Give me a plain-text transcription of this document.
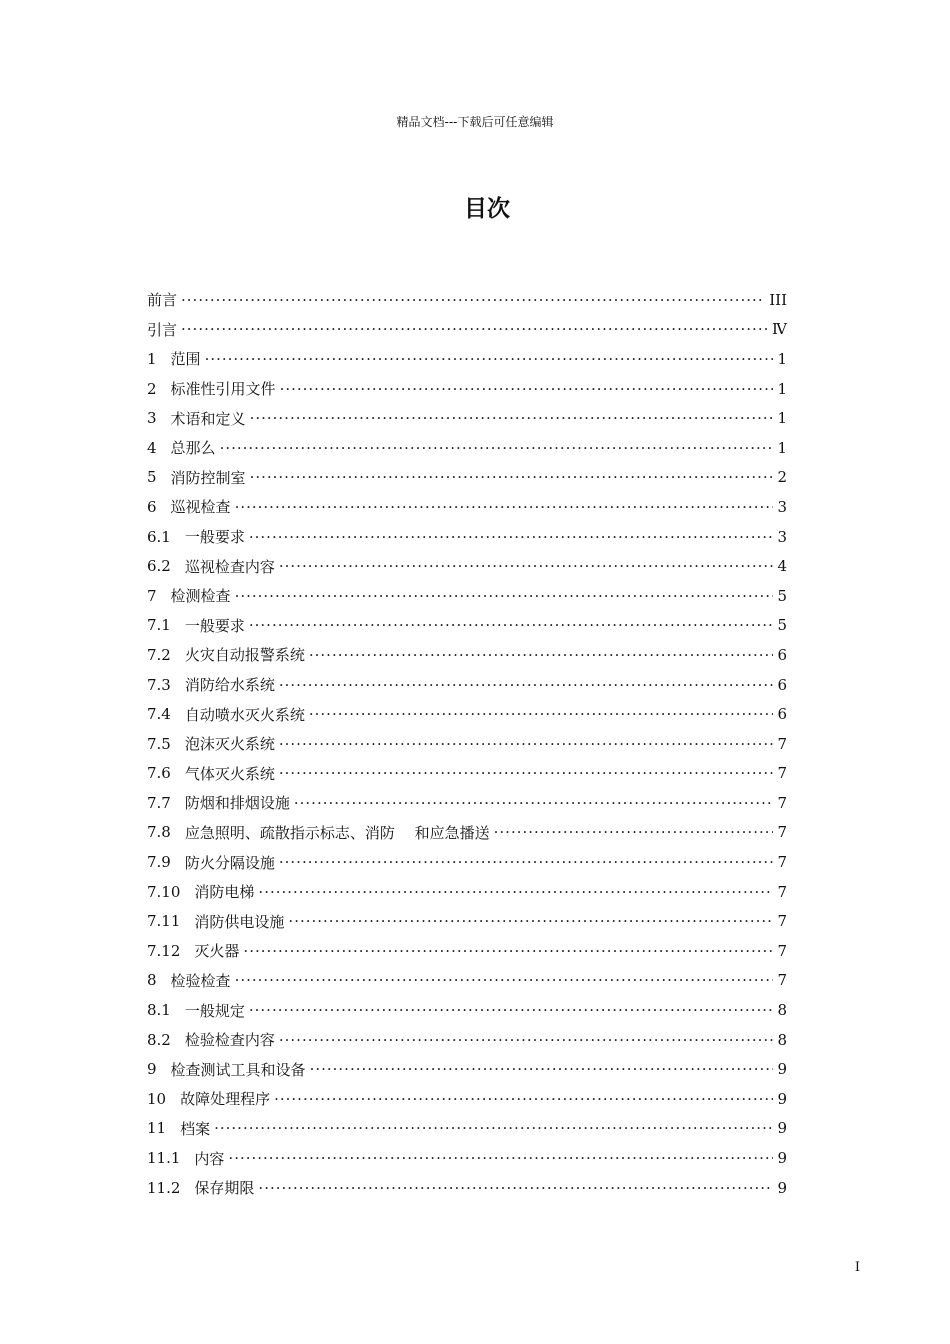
精品文档---下载后可任意编辑
目次
前言 ·····	III
引言 ·····	Ⅳ
1 范围 ·····	1
2 标准性引用文件 ·····	1
3 术语和定义 ·····	1
4 总那么 ·····	1
5 消防控制室 ·····	2
6 巡视检查 ·····	3
6.1 一般要求 ·····	3
6.2 巡视检查内容 ·····	4
7 检测检查 ·····	5
7.1 一般要求 ·····	5
7.2 火灾自动报警系统 ·····	6
7.3 消防给水系统 ·····	6
7.4 自动喷水灭火系统 ·····	6
7.5 泡沫灭火系统 ·····	7
7.6 气体灭火系统 ·····	7
7.7 防烟和排烟设施 ·····	7
7.8 应急照明、疏散指示标志、消防　 和应急播送 ·····	7
7.9 防火分隔设施 ·····	7
7.10 消防电梯 ·····	7
7.11 消防供电设施 ·····	7
7.12 灭火器 ·····	7
8 检验检查 ·····	7
8.1 一般规定 ·····	8
8.2 检验检查内容 ·····	8
9 检查测试工具和设备 ·····	9
10 故障处理程序 ·····	9
11 档案 ·····	9
11.1 内容 ·····	9
11.2 保存期限 ·····	9
I
